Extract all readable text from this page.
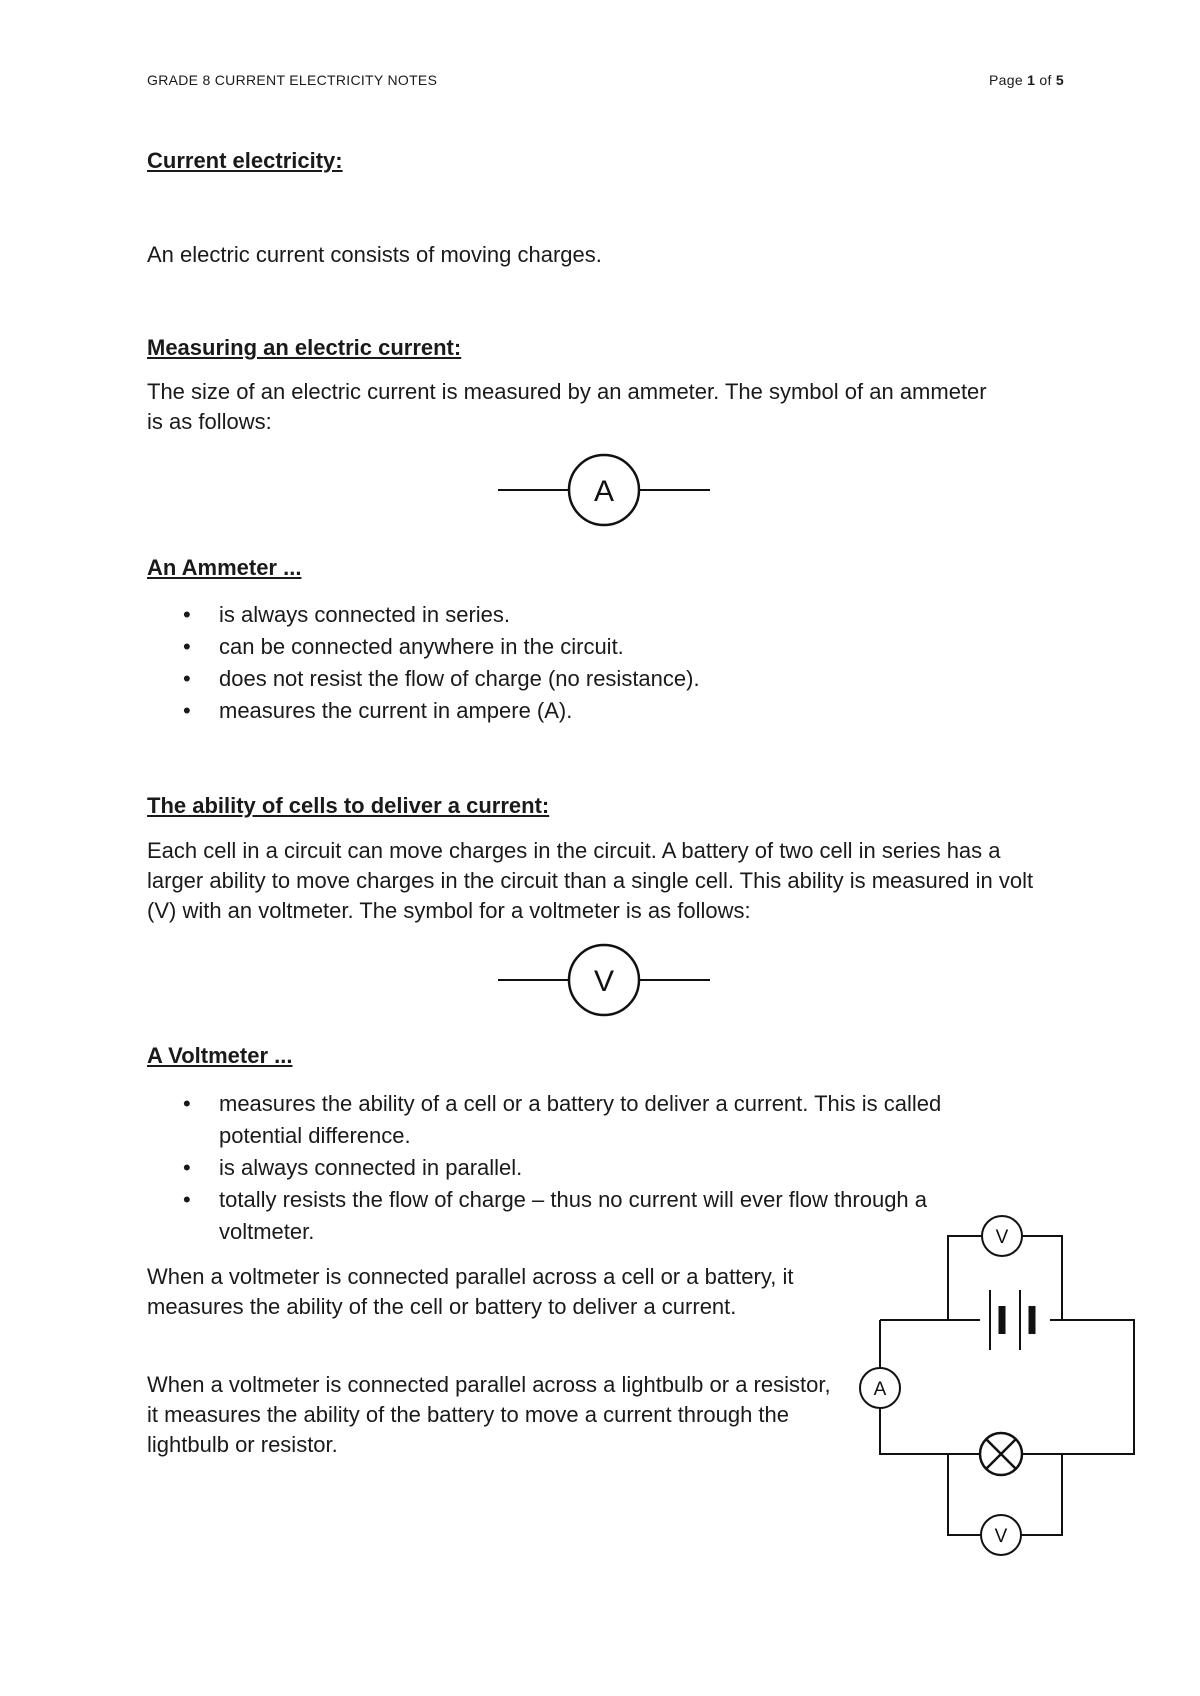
GRADE 8 CURRENT ELECTRICITY NOTES	Page 1 of 5
Current electricity:
An electric current consists of moving charges.
Measuring an electric current:
The size of an electric current is measured by an ammeter. The symbol of an ammeter is as follows:
A
An Ammeter ...
• is always connected in series.
• can be connected anywhere in the circuit.
• does not resist the flow of charge (no resistance).
• measures the current in ampere (A).
The ability of cells to deliver a current:
Each cell in a circuit can move charges in the circuit. A battery of two cell in series has a larger ability to move charges in the circuit than a single cell. This ability is measured in volt (V) with an voltmeter. The symbol for a voltmeter is as follows:
V
A Voltmeter ...
• measures the ability of a cell or a battery to deliver a current. This is called potential difference.
• is always connected in parallel.
• totally resists the flow of charge – thus no current will ever flow through a voltmeter.
When a voltmeter is connected parallel across a cell or a battery, it measures the ability of the cell or battery to deliver a current.
When a voltmeter is connected parallel across a lightbulb or a resistor, it measures the ability of the battery to move a current through the lightbulb or resistor.
V
A
V
